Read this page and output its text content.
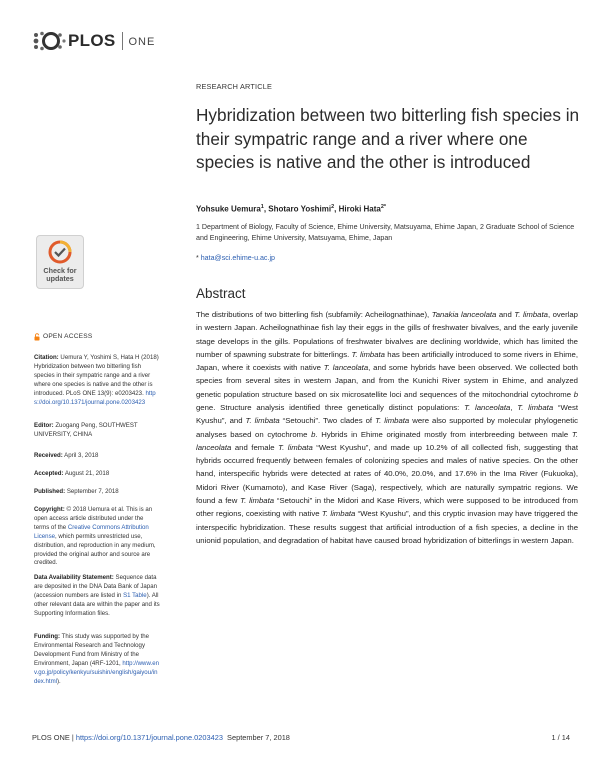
PLOS ONE
RESEARCH ARTICLE
Hybridization between two bitterling fish species in their sympatric range and a river where one species is native and the other is introduced
Yohsuke Uemura$^1$, Shotaro Yoshimi$^2$, Hiroki Hata$^{2*}$
1 Department of Biology, Faculty of Science, Ehime University, Matsuyama, Ehime Japan, 2 Graduate School of Science and Engineering, Ehime University, Matsuyama, Ehime, Japan
* hata@sci.ehime-u.ac.jp
Check for
updates
Abstract

The distributions of two bitterling fish (subfamily: Acheilognathinae), Tanakia lanceolata and T. limbata, overlap in western Japan. Acheilognathinae fish lay their eggs in the gills of freshwater bivalves, and the early juvenile stage develops in the gills. Populations of freshwater bivalves are declining worldwide, which has limited the number of spawning substrate for bitterlings. T. limbata has been artificially introduced to some rivers in Ehime, Japan, where it coexists with native T. lanceolata, and some hybrids have been observed. We collected both species from several sites in western Japan, and from the Kunichi River system in Ehime, and analyzed genetic population structure based on six microsatellite loci and sequences of the mitochondrial cytochrome b gene. Structure analysis identified three genetically distinct populations: T. lanceolata, T. limbata “West Kyushu”, and T. limbata “Setouchi”. Two clades of T. limbata were also supported by molecular phylogenetic analyses based on cytochrome b. Hybrids in Ehime originated mostly from interbreeding between male T. lanceolata and female T. limbata “West Kyushu”, and made up 10.2% of all collected fish, suggesting that hybrids occurred frequently between females of colonizing species and males of native species. On the other hand, interspecific hybrids were detected at rates of 40.0%, 20.0%, and 17.6% in the Ima River (Fukuoka), Midori River (Kumamoto), and Kase River (Saga), respectively, which are naturally sympatric regions. We found a few T. limbata “Setouchi” in the Midori and Kase Rivers, which were supposed to be introduced from other regions, coexisting with native T. limbata “West Kyushu”, and this cryptic invasion may have triggered the interspecific hybridization. These results suggest that artificial introduction of a fish species, a decline in the unionid population, and degradation of habitat have caused broad hybridization of bitterlings in western Japan.

OPEN ACCESS
Citation: Uemura Y, Yoshimi S, Hata H (2018) Hybridization between two bitterling fish species in their sympatric range and a river where one species is native and the other is introduced. PLoS ONE 13(9): e0203423. https://doi.org/10.1371/journal.pone.0203423
Editor: Zuogang Peng, SOUTHWEST UNIVERSITY, CHINA
Received: April 3, 2018
Accepted: August 21, 2018
Published: September 7, 2018
Copyright: © 2018 Uemura et al. This is an open access article distributed under the terms of the Creative Commons Attribution License, which permits unrestricted use, distribution, and reproduction in any medium, provided the original author and source are credited.
Data Availability Statement: Sequence data are deposited in the DNA Data Bank of Japan (accession numbers are listed in S1 Table). All other relevant data are within the paper and its Supporting Information files.
Funding: This study was supported by the Environmental Research and Technology Development Fund from Ministry of the Environment, Japan (4RF-1201, http://www.env.go.jp/policy/kenkyu/suishin/english/gaiyou/index.html).
PLOS ONE | https://doi.org/10.1371/journal.pone.0203423 September 7, 2018	1 / 14
